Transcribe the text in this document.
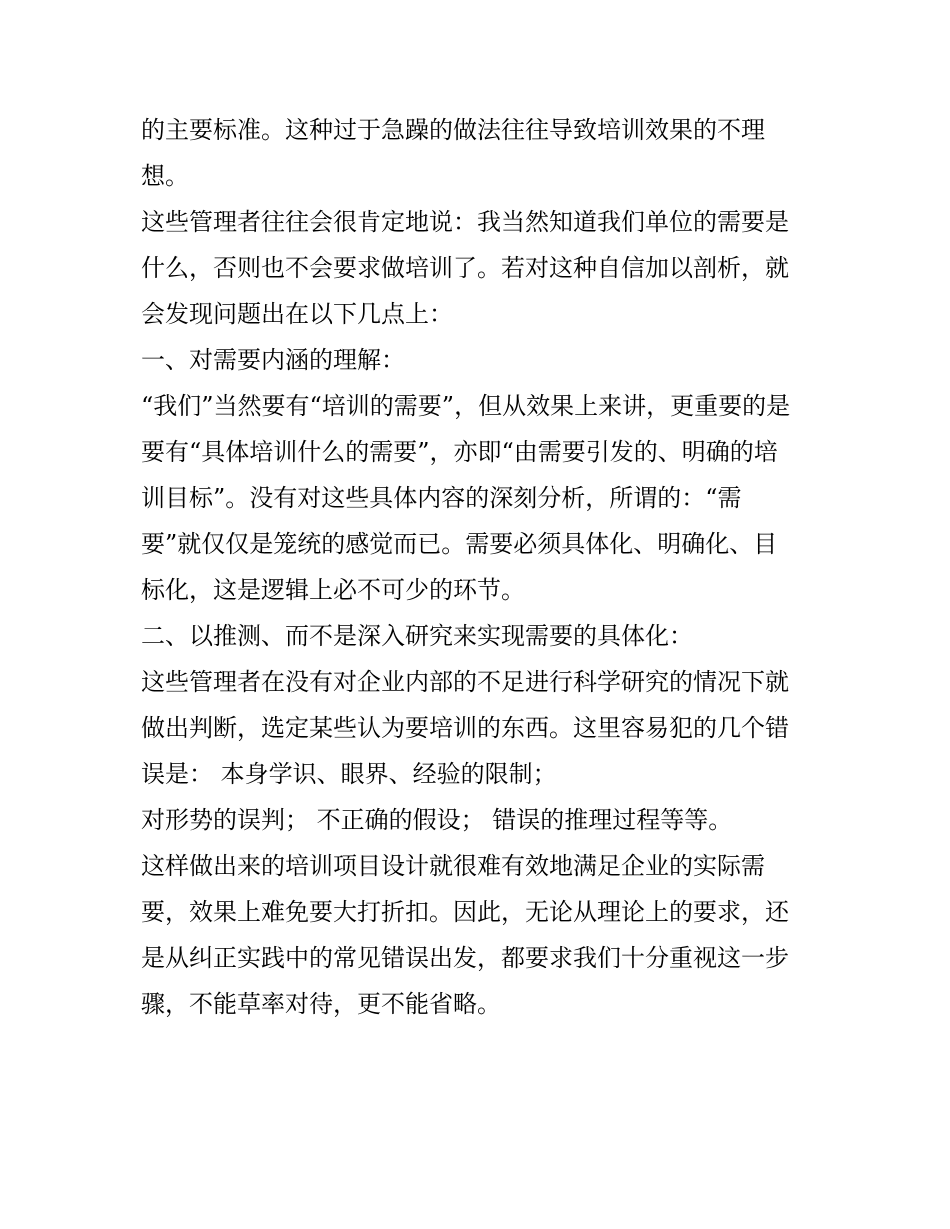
的主要标准。这种过于急躁的做法往往导致培训效果的不理
想。
这些管理者往往会很肯定地说：我当然知道我们单位的需要是
什么，否则也不会要求做培训了。若对这种自信加以剖析，就
会发现问题出在以下几点上：
一、对需要内涵的理解：
“我们”当然要有“培训的需要”，但从效果上来讲，更重要的是
要有“具体培训什么的需要”，亦即“由需要引发的、明确的培
训目标”。没有对这些具体内容的深刻分析，所谓的：“需
要”就仅仅是笼统的感觉而已。需要必须具体化、明确化、目
标化，这是逻辑上必不可少的环节。
二、以推测、而不是深入研究来实现需要的具体化：
这些管理者在没有对企业内部的不足进行科学研究的情况下就
做出判断，选定某些认为要培训的东西。这里容易犯的几个错
误是： 本身学识、眼界、经验的限制；
对形势的误判； 不正确的假设； 错误的推理过程等等。
这样做出来的培训项目设计就很难有效地满足企业的实际需
要，效果上难免要大打折扣。因此，无论从理论上的要求，还
是从纠正实践中的常见错误出发，都要求我们十分重视这一步
骤，不能草率对待，更不能省略。
